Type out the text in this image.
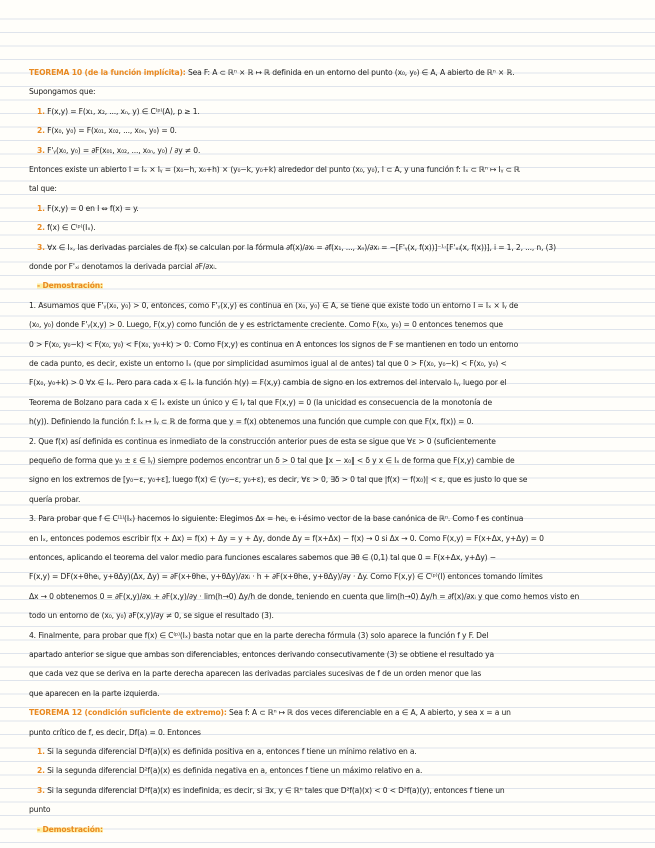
TEOREMA 10 (de la función implícita): Sea F: A ⊂ ℝⁿ × ℝ ↦ ℝ definida en un entorno del punto (x₀, y₀) ∈ A, A abierto de ℝⁿ × ℝ.
Supongamos que:
1. F(x,y) = F(x₁, x₂, ..., xₙ, y) ∈ C⁽ᵖ⁾(A), p ≥ 1.
2. F(x₀, y₀) = F(x₀₁, x₀₂, ..., x₀ₙ, y₀) = 0.
3. F'ᵧ(x₀, y₀) = ∂F(x₀₁, x₀₂, ..., x₀ₙ, y₀) / ∂y ≠ 0.
Entonces existe un abierto I = Iₓ × Iᵧ = (x₀−h, x₀+h) × (y₀−k, y₀+k) alrededor del punto (x₀, y₀), I ⊂ A, y una función f: Iₓ ⊂ ℝⁿ ↦ Iᵧ ⊂ ℝ
tal que:
1. F(x,y) = 0 en I ⇔ f(x) = y.
2. f(x) ∈ C⁽ᵖ⁾(Iₓ).
3. ∀x ∈ Iₓ, las derivadas parciales de f(x) se calculan por la fórmula ∂f(x)/∂xᵢ = ∂f(x₁, ..., xₙ)/∂xᵢ = −[F'ᵧ(x, f(x))]⁻¹·[F'ₓᵢ(x, f(x))], i = 1, 2, ..., n, (3)
donde por F'ₓᵢ denotamos la derivada parcial ∂F/∂xᵢ.
- Demostración:
1. Asumamos que F'ᵧ(x₀, y₀) > 0, entonces, como F'ᵧ(x,y) es continua en (x₀, y₀) ∈ A, se tiene que existe todo un entorno I = Iₓ × Iᵧ de
(x₀, y₀) donde F'ᵧ(x,y) > 0. Luego, F(x,y) como función de y es estrictamente creciente. Como F(x₀, y₀) = 0 entonces tenemos que
0 > F(x₀, y₀−k) < F(x₀, y₀) < F(x₀, y₀+k) > 0. Como F(x,y) es continua en A entonces los signos de F se mantienen en todo un entorno
de cada punto, es decir, existe un entorno Iₓ (que por simplicidad asumimos igual al de antes) tal que 0 > F(x₀, y₀−k) < F(x₀, y₀) <
F(x₀, y₀+k) > 0 ∀x ∈ Iₓ. Pero para cada x ∈ Iₓ la función h(y) = F(x,y) cambia de signo en los extremos del intervalo Iᵧ, luego por el
Teorema de Bolzano para cada x ∈ Iₓ existe un único y ∈ Iᵧ tal que F(x,y) = 0 (la unicidad es consecuencia de la monotonía de
h(y)). Definiendo la función f: Iₓ ↦ Iᵧ ⊂ ℝ de forma que y = f(x) obtenemos una función que cumple con que F(x, f(x)) = 0.
2. Que f(x) así definida es continua es inmediato de la construcción anterior pues de esta se sigue que ∀ε > 0 (suficientemente
pequeño de forma que y₀ ± ε ∈ Iᵧ) siempre podemos encontrar un δ > 0 tal que ‖x − x₀‖ < δ y x ∈ Iₓ de forma que F(x,y) cambie de
signo en los extremos de [y₀−ε, y₀+ε], luego f(x) ∈ (y₀−ε, y₀+ε), es decir, ∀ε > 0, ∃δ > 0 tal que |f(x) − f(x₀)| < ε, que es justo lo que se
quería probar.
3. Para probar que f ∈ C⁽¹⁾(Iₓ) hacemos lo siguiente: Elegimos Δx = heᵢ, eᵢ i-ésimo vector de la base canónica de ℝⁿ. Como f es continua
en Iₓ, entonces podemos escribir f(x + Δx) = f(x) + Δy = y + Δy, donde Δy = f(x+Δx) − f(x) → 0 si Δx → 0. Como F(x,y) = F(x+Δx, y+Δy) = 0
entonces, aplicando el teorema del valor medio para funciones escalares sabemos que ∃θ ∈ (0,1) tal que 0 = F(x+Δx, y+Δy) −
F(x,y) = DF(x+θheᵢ, y+θΔy)(Δx, Δy) = ∂F(x+θheᵢ, y+θΔy)/∂xᵢ · h + ∂F(x+θheᵢ, y+θΔy)/∂y · Δy. Como F(x,y) ∈ C⁽ᵖ⁾(I) entonces tomando límites
Δx → 0 obtenemos 0 = ∂F(x,y)/∂xᵢ + ∂F(x,y)/∂y · lim(h→0) Δy/h de donde, teniendo en cuenta que lim(h→0) Δy/h = ∂f(x)/∂xᵢ y que como hemos visto en
todo un entorno de (x₀, y₀) ∂F(x,y)/∂y ≠ 0, se sigue el resultado (3).
4. Finalmente, para probar que f(x) ∈ C⁽ᵖ⁾(Iₓ) basta notar que en la parte derecha fórmula (3) solo aparece la función f y F. Del
apartado anterior se sigue que ambas son diferenciables, entonces derivando consecutivamente (3) se obtiene el resultado ya
que cada vez que se deriva en la parte derecha aparecen las derivadas parciales sucesivas de f de un orden menor que las
que aparecen en la parte izquierda.
TEOREMA 12 (condición suficiente de extremo): Sea f: A ⊂ ℝⁿ ↦ ℝ dos veces diferenciable en a ∈ A, A abierto, y sea x = a un
punto crítico de f, es decir, Df(a) = 0. Entonces
1. Si la segunda diferencial D²f(a)(x) es definida positiva en a, entonces f tiene un mínimo relativo en a.
2. Si la segunda diferencial D²f(a)(x) es definida negativa en a, entonces f tiene un máximo relativo en a.
3. Si la segunda diferencial D²f(a)(x) es indefinida, es decir, si ∃x, y ∈ ℝⁿ tales que D²f(a)(x) < 0 < D²f(a)(y), entonces f tiene un
punto
- Demostración:
